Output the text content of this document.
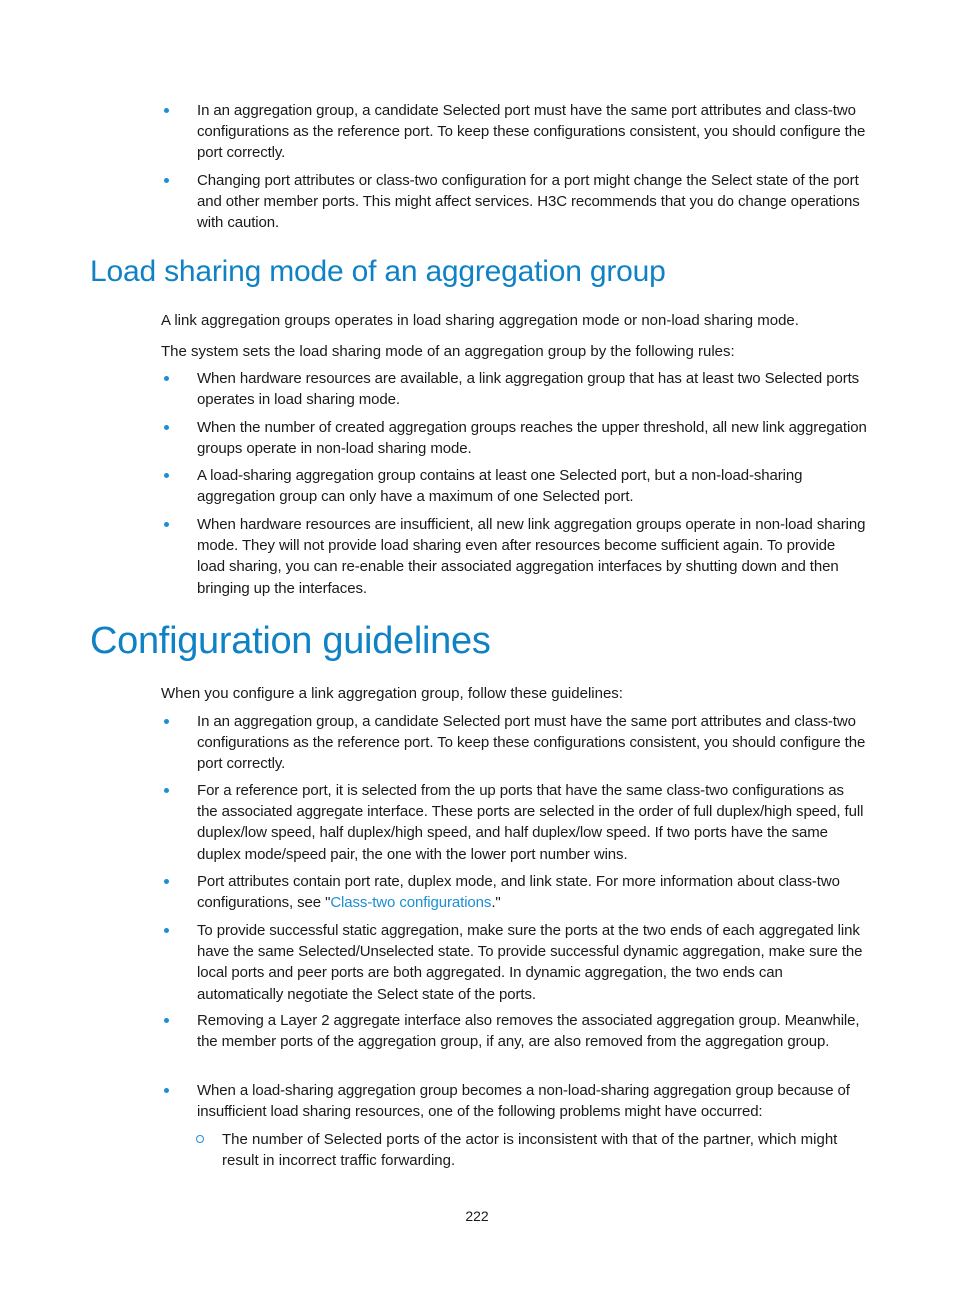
In an aggregation group, a candidate Selected port must have the same port attributes and class-two configurations as the reference port. To keep these configurations consistent, you should configure the port correctly.
Changing port attributes or class-two configuration for a port might change the Select state of the port and other member ports. This might affect services. H3C recommends that you do change operations with caution.
Load sharing mode of an aggregation group

A link aggregation groups operates in load sharing aggregation mode or non-load sharing mode.

The system sets the load sharing mode of an aggregation group by the following rules:

When hardware resources are available, a link aggregation group that has at least two Selected ports operates in load sharing mode.
When the number of created aggregation groups reaches the upper threshold, all new link aggregation groups operate in non-load sharing mode.
A load-sharing aggregation group contains at least one Selected port, but a non-load-sharing aggregation group can only have a maximum of one Selected port.
When hardware resources are insufficient, all new link aggregation groups operate in non-load sharing mode. They will not provide load sharing even after resources become sufficient again. To provide load sharing, you can re-enable their associated aggregation interfaces by shutting down and then bringing up the interfaces.
Configuration guidelines

When you configure a link aggregation group, follow these guidelines:

In an aggregation group, a candidate Selected port must have the same port attributes and class-two configurations as the reference port. To keep these configurations consistent, you should configure the port correctly.
For a reference port, it is selected from the up ports that have the same class-two configurations as the associated aggregate interface. These ports are selected in the order of full duplex/high speed, full duplex/low speed, half duplex/high speed, and half duplex/low speed. If two ports have the same duplex mode/speed pair, the one with the lower port number wins.
Port attributes contain port rate, duplex mode, and link state. For more information about class-two configurations, see "Class-two configurations."
To provide successful static aggregation, make sure the ports at the two ends of each aggregated link have the same Selected/Unselected state. To provide successful dynamic aggregation, make sure the local ports and peer ports are both aggregated. In dynamic aggregation, the two ends can automatically negotiate the Select state of the ports.
Removing a Layer 2 aggregate interface also removes the associated aggregation group. Meanwhile, the member ports of the aggregation group, if any, are also removed from the aggregation group.
When a load-sharing aggregation group becomes a non-load-sharing aggregation group because of insufficient load sharing resources, one of the following problems might have occurred:
The number of Selected ports of the actor is inconsistent with that of the partner, which might result in incorrect traffic forwarding.
222
